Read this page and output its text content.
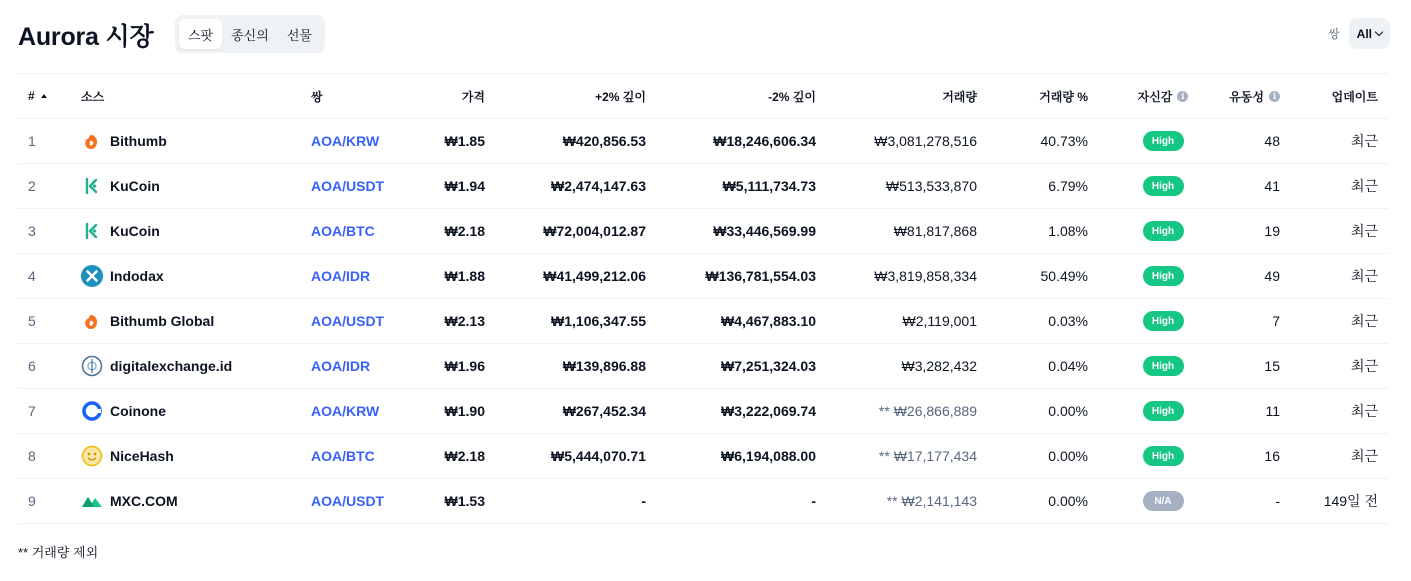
Aurora 시장	스팟	종신의	선물	쌍 All
#	소스	쌍	가격	+2% 깊이	-2% 깊이	거래량	거래량 %	자신감	i	유동성	i	업데이트
1	Bithumb	AOA/KRW	₩1.85	₩420,856.53	₩18,246,606.34	₩3,081,278,516	40.73%	High	48	최근
2	KuCoin	AOA/USDT	₩1.94	₩2,474,147.63	₩5,111,734.73	₩513,533,870	6.79%	High	41	최근
3	KuCoin	AOA/BTC	₩2.18	₩72,004,012.87	₩33,446,569.99	₩81,817,868	1.08%	High	19	최근
4	Indodax	AOA/IDR	₩1.88	₩41,499,212.06	₩136,781,554.03	₩3,819,858,334	50.49%	High	49	최근
5	Bithumb Global	AOA/USDT	₩2.13	₩1,106,347.55	₩4,467,883.10	₩2,119,001	0.03%	High	7	최근
6	digitalexchange.id	AOA/IDR	₩1.96	₩139,896.88	₩7,251,324.03	₩3,282,432	0.04%	High	15	최근
7	Coinone	AOA/KRW	₩1.90	₩267,452.34	₩3,222,069.74	** ₩26,866,889	0.00%	High	11	최근
8	NiceHash	AOA/BTC	₩2.18	₩5,444,070.71	₩6,194,088.00	** ₩17,177,434	0.00%	High	16	최근
9	MXC.COM	AOA/USDT	₩1.53	-	-	** ₩2,141,143	0.00%	N/A	-	149일 전
** 거래량 제외
